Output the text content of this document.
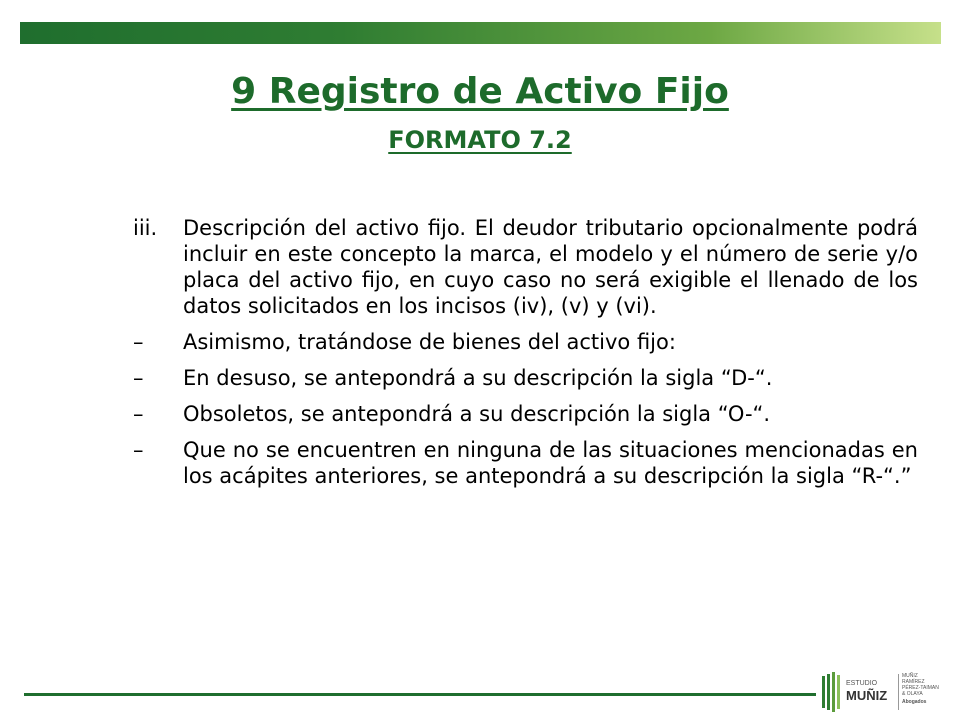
9 Registro de Activo Fijo
FORMATO 7.2
iii.	Descripción del activo fijo. El deudor tributario opcionalmente podrá incluir en este concepto la marca, el modelo y el número de serie y/o placa del activo fijo, en cuyo caso no será exigible el llenado de los datos solicitados en los incisos (iv), (v) y (vi).
–	Asimismo, tratándose de bienes del activo fijo:
–	En desuso, se antepondrá a su descripción la sigla “D-“.
–	Obsoletos, se antepondrá a su descripción la sigla “O-“.
–	Que no se encuentren en ninguna de las situaciones mencionadas en los acápites anteriores, se antepondrá a su descripción la sigla “R-“.”
ESTUDIO
MUÑIZ
MUÑIZ
RAMÍREZ
PÉREZ-TAIMAN
& OLAYA
Abogados
